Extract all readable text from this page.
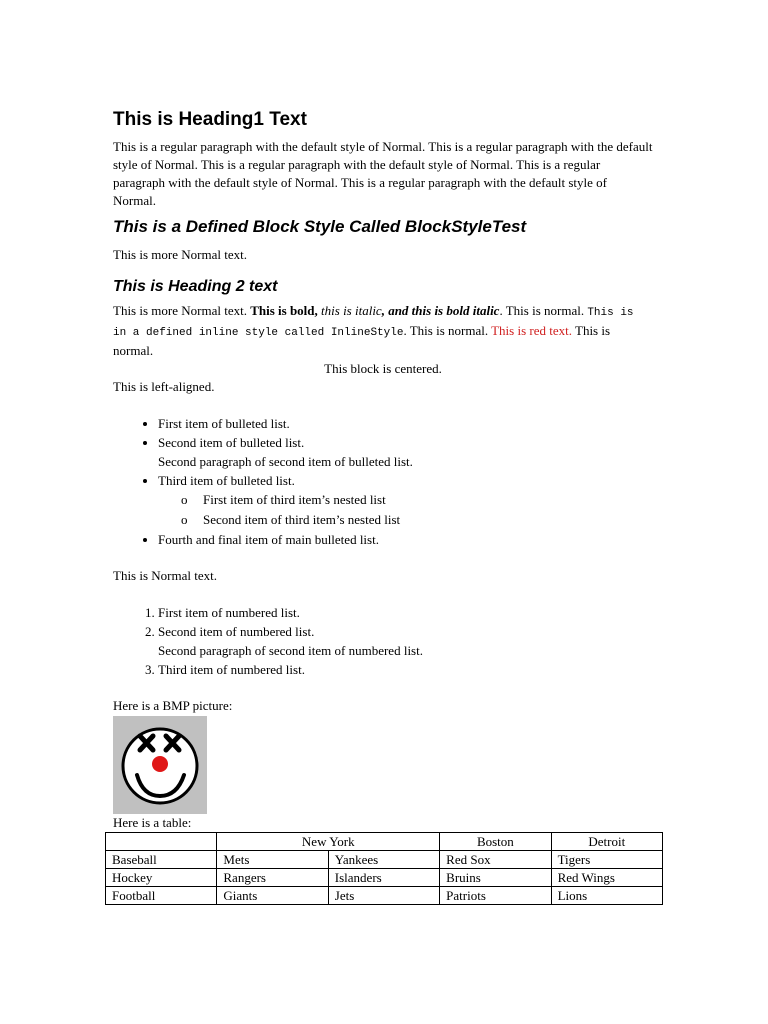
This is Heading1 Text

This is a regular paragraph with the default style of Normal. This is a regular paragraph with the default style of Normal. This is a regular paragraph with the default style of Normal. This is a regular paragraph with the default style of Normal. This is a regular paragraph with the default style of Normal.

This is a Defined Block Style Called BlockStyleTest

This is more Normal text.

This is Heading 2 text

This is more Normal text. This is bold, this is italic, and this is bold italic. This is normal. This is in a defined inline style called InlineStyle. This is normal. This is red text. This is normal.

This block is centered.

This is left-aligned.

• First item of bulleted list.
• Second item of bulleted list.
Second paragraph of second item of bulleted list.
• Third item of bulleted list.
o First item of third item’s nested list
o Second item of third item’s nested list
• Fourth and final item of main bulleted list.

This is Normal text.

1. First item of numbered list.
2. Second item of numbered list.
Second paragraph of second item of numbered list.
3. Third item of numbered list.

Here is a BMP picture:

Here is a table:

	New York		Boston	Detroit
Baseball	Mets	Yankees	Red Sox	Tigers
Hockey	Rangers	Islanders	Bruins	Red Wings
Football	Giants	Jets	Patriots	Lions
